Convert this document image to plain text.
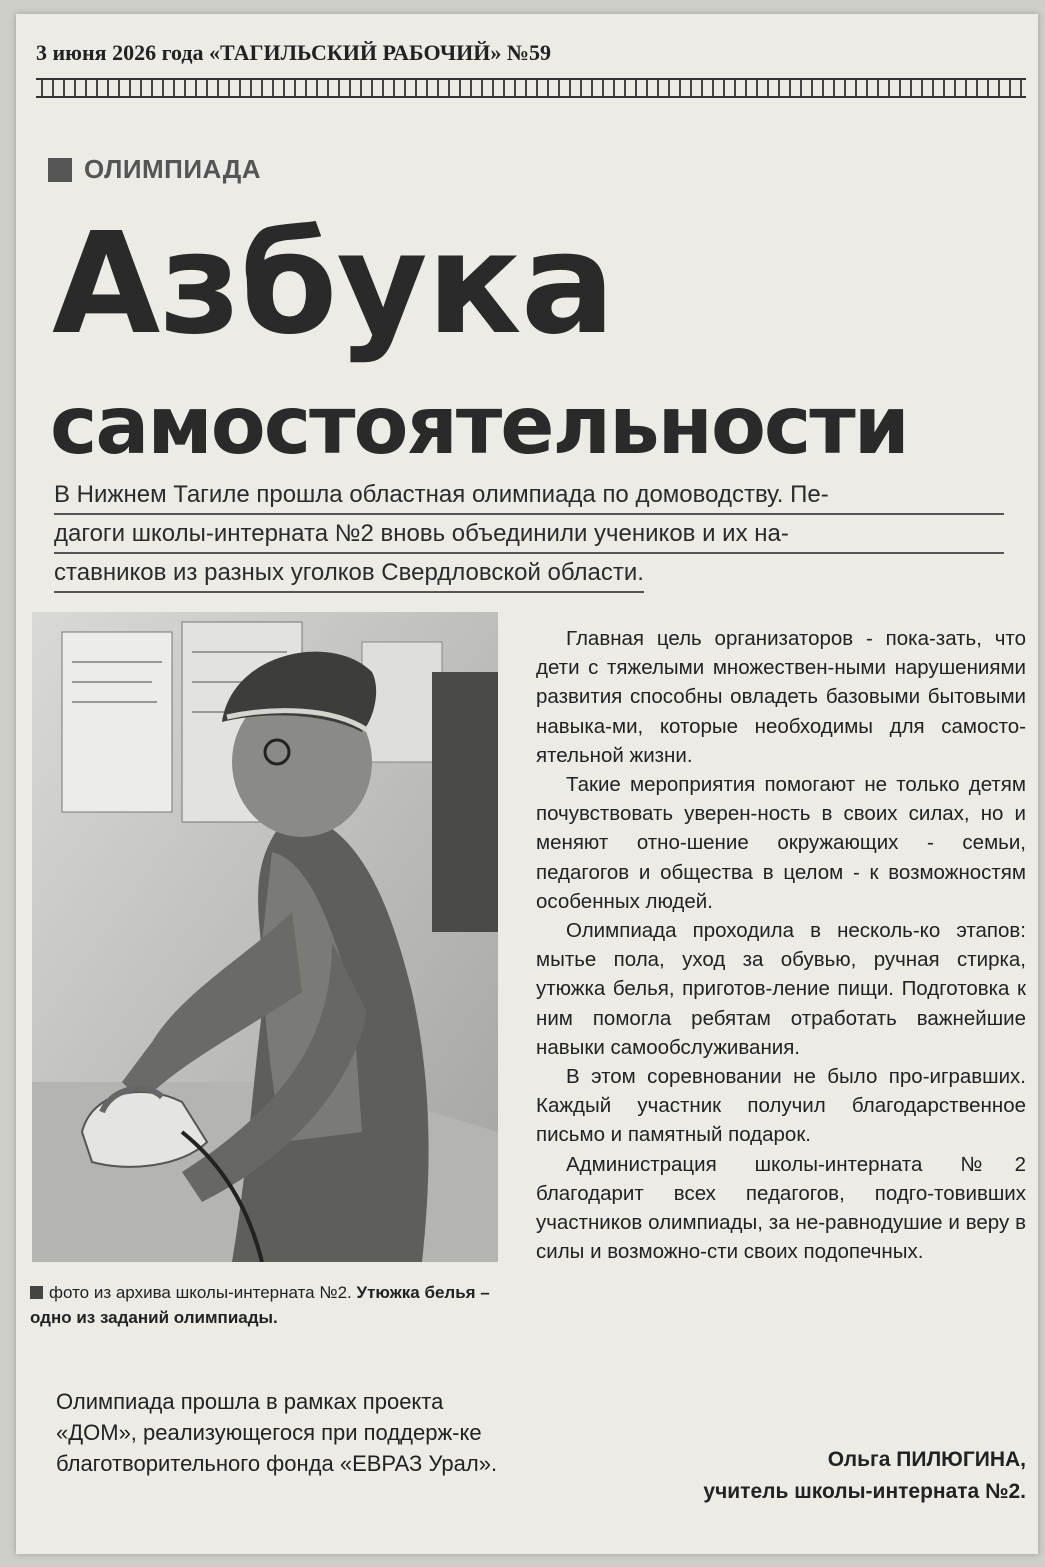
3 июня 2026 года «ТАГИЛЬСКИЙ РАБОЧИЙ» №59
ОЛИМПИАДА
Азбука
самостоятельности
В Нижнем Тагиле прошла областная олимпиада по домоводству. Пе-
дагоги школы-интерната №2 вновь объединили учеников и их на-
ставников из разных уголков Свердловской области.
фото из архива школы-интерната №2. Утюжка белья – одно из заданий олимпиады.
Олимпиада прошла в рамках проекта «ДОМ», реализующегося при поддерж-ке благотворительного фонда «ЕВРАЗ Урал».

Главная цель организаторов - пока-зать, что дети с тяжелыми множествен-ными нарушениями развития способны овладеть базовыми бытовыми навыка-ми, которые необходимы для самосто-ятельной жизни.

Такие мероприятия помогают не только детям почувствовать уверен-ность в своих силах, но и меняют отно-шение окружающих - семьи, педагогов и общества в целом - к возможностям особенных людей.

Олимпиада проходила в несколь-ко этапов: мытье пола, уход за обувью, ручная стирка, утюжка белья, приготов-ление пищи. Подготовка к ним помогла ребятам отработать важнейшие навыки самообслуживания.

В этом соревновании не было про-игравших. Каждый участник получил благодарственное письмо и памятный подарок.

Администрация школы-интерната №2 благодарит всех педагогов, подго-товивших участников олимпиады, за не-равнодушие и веру в силы и возможно-сти своих подопечных.

Ольга ПИЛЮГИНА,
учитель школы-интерната №2.
